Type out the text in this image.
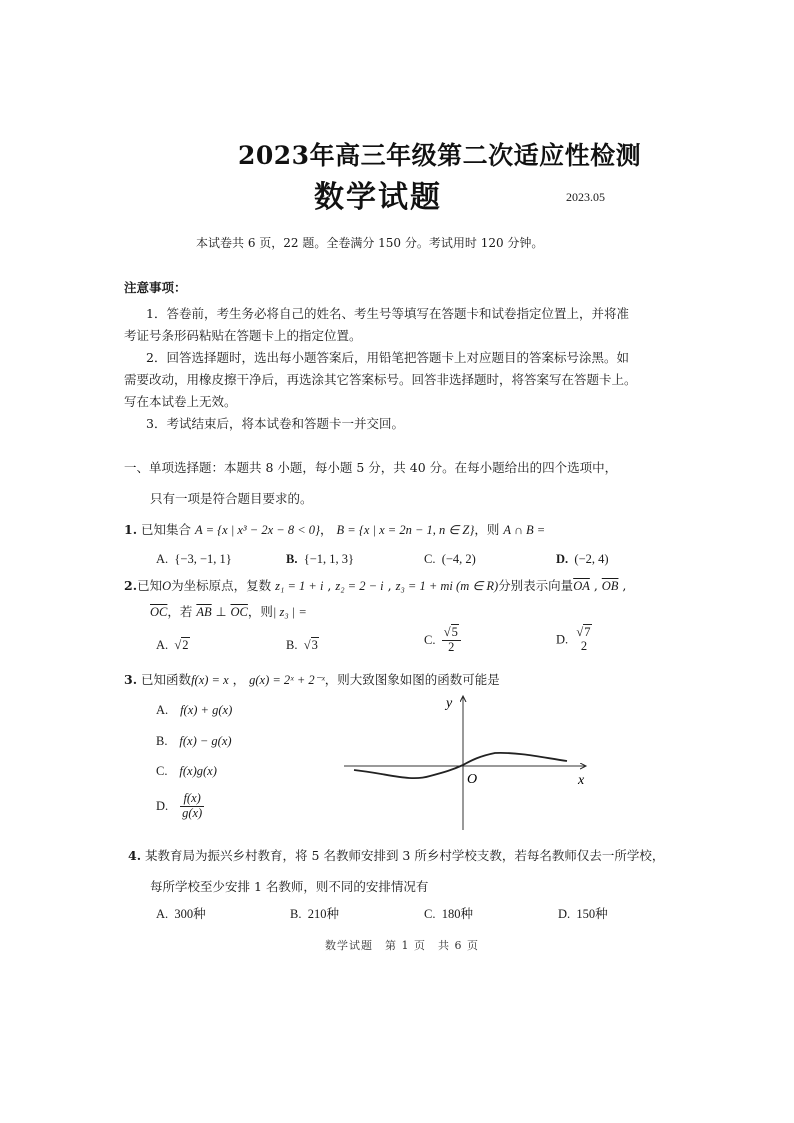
2023年高三年级第二次适应性检测
数学试题	2023.05
本试卷共 6 页，22 题。全卷满分 150 分。考试用时 120 分钟。
注意事项：
1．答卷前，考生务必将自己的姓名、考生号等填写在答题卡和试卷指定位置上，并将准
考证号条形码粘贴在答题卡上的指定位置。
2．回答选择题时，选出每小题答案后，用铅笔把答题卡上对应题目的答案标号涂黑。如
需要改动，用橡皮擦干净后，再选涂其它答案标号。回答非选择题时，将答案写在答题卡上。
写在本试卷上无效。
3．考试结束后，将本试卷和答题卡一并交回。
一、单项选择题：本题共 8 小题，每小题 5 分，共 40 分。在每小题给出的四个选项中，
只有一项是符合题目要求的。
1. 已知集合 A = {x | x³ − 2x − 8 < 0}， B = {x | x = 2n − 1, n ∈ Z}，则 A ∩ B =
A. {−3, −1, 1}	B. {−1, 1, 3}	C. (−4, 2)	D. (−2, 4)
2.已知O为坐标原点，复数 z₁ = 1 + i , z₂ = 2 − i , z₃ = 1 + mi (m ∈ R)分别表示向量$\overline{OA}$ , $\overline{OB}$ ,
$\overline{OC}$，若 $\overline{AB}$ ⊥ $\overline{OC}$，则| z₃ | =
A. √2	B. √3	C. $\frac{√5}{2}$	D.
√7
2
3. 已知函数f(x) = x ， g(x) = 2ˣ + 2⁻ˣ，则大致图象如图的函数可能是
A. f(x) + g(x)
B. f(x) − g(x)
C. f(x)g(x)
D. $\frac{f(x)}{g(x)}$
y
x
O
4. 某教育局为振兴乡村教育，将 5 名教师安排到 3 所乡村学校支教，若每名教师仅去一所学校，
每所学校至少安排 1 名教师，则不同的安排情况有
A. 300种	B. 210种	C. 180种	D. 150种
数学试题　第 1 页　共 6 页
